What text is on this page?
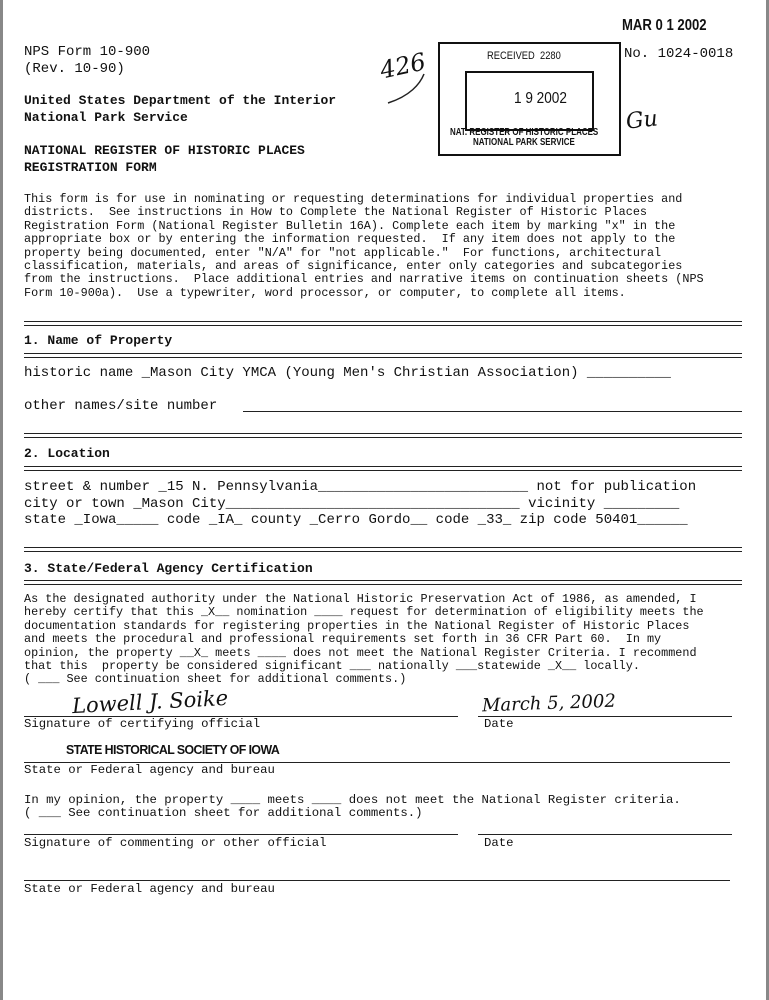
MAR 0 1 2002
NPS Form 10-900
(Rev. 10-90)
No. 1024-0018
United States Department of the Interior
National Park Service
NATIONAL REGISTER OF HISTORIC PLACES
REGISTRATION FORM
RECEIVED  2280
1 9 2002
NAT. REGISTER OF HISTORIC PLACES
NATIONAL PARK SERVICE
426
Gu
This form is for use in nominating or requesting determinations for individual properties and
districts.  See instructions in How to Complete the National Register of Historic Places
Registration Form (National Register Bulletin 16A). Complete each item by marking "x" in the
appropriate box or by entering the information requested.  If any item does not apply to the
property being documented, enter "N/A" for "not applicable."  For functions, architectural
classification, materials, and areas of significance, enter only categories and subcategories
from the instructions.  Place additional entries and narrative items on continuation sheets (NPS
Form 10-900a).  Use a typewriter, word processor, or computer, to complete all items.
1. Name of Property
historic name _Mason City YMCA (Young Men's Christian Association) __________
other names/site number
2. Location
street & number _15 N. Pennsylvania_________________________ not for publication
city or town _Mason City___________________________________ vicinity _________
state _Iowa_____ code _IA_ county _Cerro Gordo__ code _33_ zip code 50401______
3. State/Federal Agency Certification
As the designated authority under the National Historic Preservation Act of 1986, as amended, I
hereby certify that this _X__ nomination ____ request for determination of eligibility meets the
documentation standards for registering properties in the National Register of Historic Places
and meets the procedural and professional requirements set forth in 36 CFR Part 60.  In my
opinion, the property __X_ meets ____ does not meet the National Register Criteria. I recommend
that this  property be considered significant ___ nationally ___statewide _X__ locally.
( ___ See continuation sheet for additional comments.)
Lowell J. Soike	March 5, 2002
Signature of certifying official	Date
STATE HISTORICAL SOCIETY OF IOWA
State or Federal agency and bureau
In my opinion, the property ____ meets ____ does not meet the National Register criteria.
( ___ See continuation sheet for additional comments.)
Signature of commenting or other official	Date
State or Federal agency and bureau
